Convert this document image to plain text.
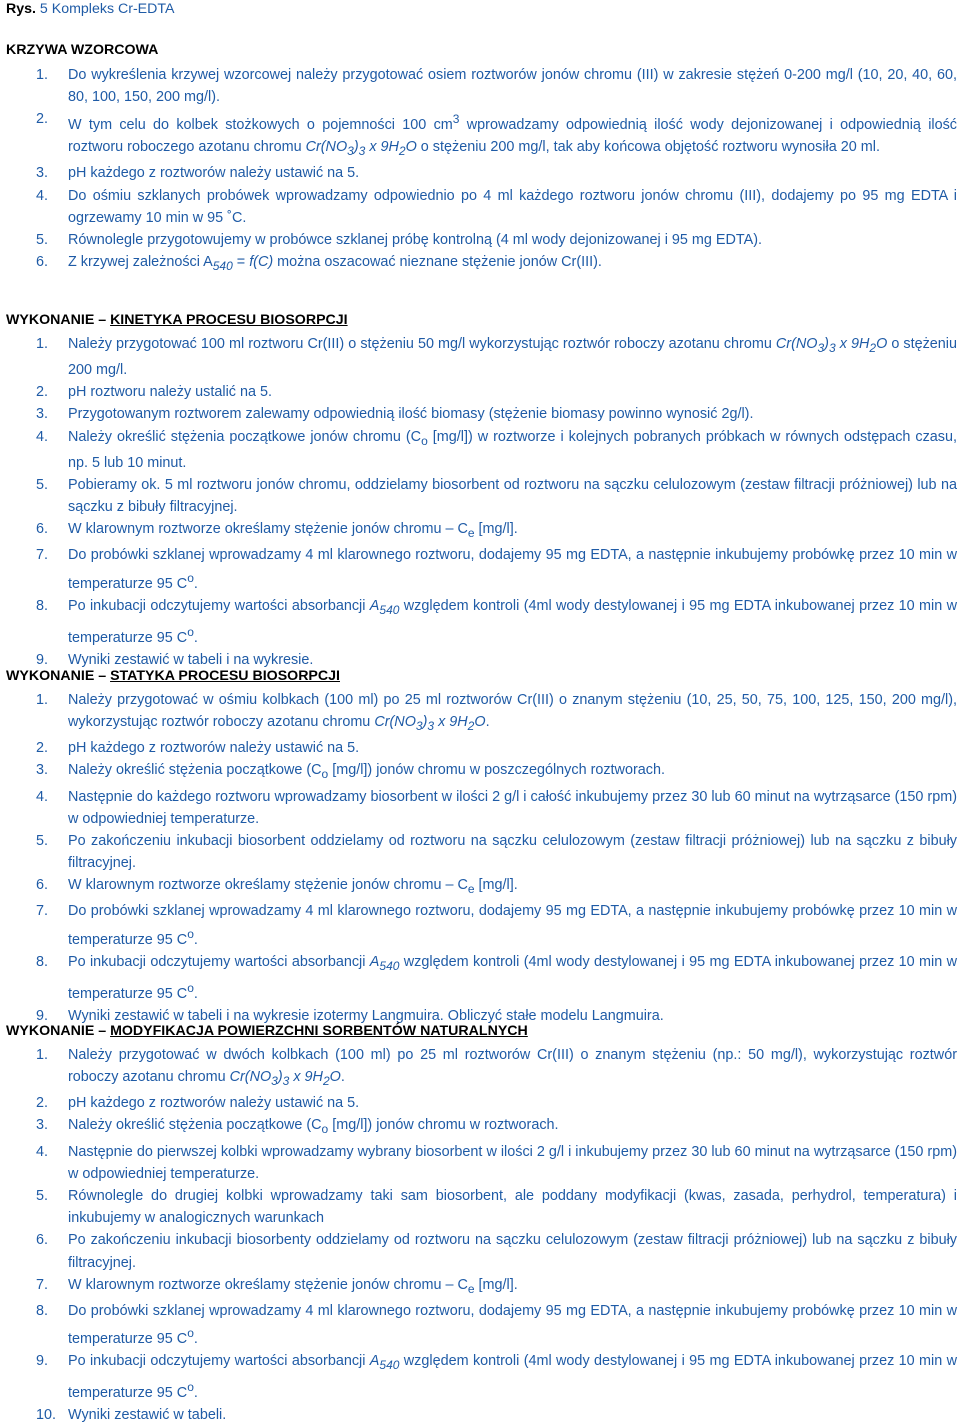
Rys. 5 Kompleks Cr-EDTA
KRZYWA WZORCOWA
1. Do wykreślenia krzywej wzorcowej należy przygotować osiem roztworów jonów chromu (III) w zakresie stężeń 0-200 mg/l (10, 20, 40, 60, 80, 100, 150, 200 mg/l).
2. W tym celu do kolbek stożkowych o pojemności 100 $cm^3$ wprowadzamy odpowiednią ilość wody dejonizowanej i odpowiednią ilość roztworu roboczego azotanu chromu $Cr(NO_3)_3$ x $9H_2O$ o stężeniu 200 mg/l, tak aby końcowa objętość roztworu wynosiła 20 ml.
3. pH każdego z roztworów należy ustawić na 5.
4. Do ośmiu szklanych probówek wprowadzamy odpowiednio po 4 ml każdego roztworu jonów chromu (III), dodajemy po 95 mg EDTA i ogrzewamy 10 min w 95 ˚C.
5. Równolegle przygotowujemy w probówce szklanej próbę kontrolną (4 ml wody dejonizowanej i 95 mg EDTA).
6. Z krzywej zależności $A_{540} = f(C)$ można oszacować nieznane stężenie jonów Cr(III).
WYKONANIE – KINETYKA PROCESU BIOSORPCJI
1. Należy przygotować 100 ml roztworu Cr(III) o stężeniu 50 mg/l wykorzystując roztwór roboczy azotanu chromu $Cr(NO_3)_3$ x $9H_2O$ o stężeniu 200 mg/l.
2. pH roztworu należy ustalić na 5.
3. Przygotowanym roztworem zalewamy odpowiednią ilość biomasy (stężenie biomasy powinno wynosić 2g/l).
4. Należy określić stężenia początkowe jonów chromu ($C_o$ [mg/l]) w roztworze i kolejnych pobranych próbkach w równych odstępach czasu, np. 5 lub 10 minut.
5. Pobieramy ok. 5 ml roztworu jonów chromu, oddzielamy biosorbent od roztworu na sączku celulozowym (zestaw filtracji próżniowej) lub na sączku z bibuły filtracyjnej.
6. W klarownym roztworze określamy stężenie jonów chromu – $C_e$ [mg/l].
7. Do probówki szklanej wprowadzamy 4 ml klarownego roztworu, dodajemy 95 mg EDTA, a następnie inkubujemy probówkę przez 10 min w temperaturze 95 $C^o$.
8. Po inkubacji odczytujemy wartości absorbancji $A_{540}$ względem kontroli (4ml wody destylowanej i 95 mg EDTA inkubowanej przez 10 min w temperaturze 95 $C^o$.
9. Wyniki zestawić w tabeli i na wykresie.
WYKONANIE – STATYKA PROCESU BIOSORPCJI
1. Należy przygotować w ośmiu kolbkach (100 ml) po 25 ml roztworów Cr(III) o znanym stężeniu (10, 25, 50, 75, 100, 125, 150, 200 mg/l), wykorzystując roztwór roboczy azotanu chromu $Cr(NO_3)_3$ x $9H_2O$.
2. pH każdego z roztworów należy ustawić na 5.
3. Należy określić stężenia początkowe ($C_o$ [mg/l]) jonów chromu w poszczególnych roztworach.
4. Następnie do każdego roztworu wprowadzamy biosorbent w ilości 2 g/l i całość inkubujemy przez 30 lub 60 minut na wytrząsarce (150 rpm) w odpowiedniej temperaturze.
5. Po zakończeniu inkubacji biosorbent oddzielamy od roztworu na sączku celulozowym (zestaw filtracji próżniowej) lub na sączku z bibuły filtracyjnej.
6. W klarownym roztworze określamy stężenie jonów chromu – $C_e$ [mg/l].
7. Do probówki szklanej wprowadzamy 4 ml klarownego roztworu, dodajemy 95 mg EDTA, a następnie inkubujemy probówkę przez 10 min w temperaturze 95 $C^o$.
8. Po inkubacji odczytujemy wartości absorbancji $A_{540}$ względem kontroli (4ml wody destylowanej i 95 mg EDTA inkubowanej przez 10 min w temperaturze 95 $C^o$.
9. Wyniki zestawić w tabeli i na wykresie izotermy Langmuira. Obliczyć stałe modelu Langmuira.
WYKONANIE – MODYFIKACJA POWIERZCHNI SORBENTÓW NATURALNYCH
1. Należy przygotować w dwóch kolbkach (100 ml) po 25 ml roztworów Cr(III) o znanym stężeniu (np.: 50 mg/l), wykorzystując roztwór roboczy azotanu chromu $Cr(NO_3)_3$ x $9H_2O$.
2. pH każdego z roztworów należy ustawić na 5.
3. Należy określić stężenia początkowe ($C_o$ [mg/l]) jonów chromu w roztworach.
4. Następnie do pierwszej kolbki wprowadzamy wybrany biosorbent w ilości 2 g/l i inkubujemy przez 30 lub 60 minut na wytrząsarce (150 rpm) w odpowiedniej temperaturze.
5. Równolegle do drugiej kolbki wprowadzamy taki sam biosorbent, ale poddany modyfikacji (kwas, zasada, perhydrol, temperatura) i inkubujemy w analogicznych warunkach
6. Po zakończeniu inkubacji biosorbenty oddzielamy od roztworu na sączku celulozowym (zestaw filtracji próżniowej) lub na sączku z bibuły filtracyjnej.
7. W klarownym roztworze określamy stężenie jonów chromu – $C_e$ [mg/l].
8. Do probówki szklanej wprowadzamy 4 ml klarownego roztworu, dodajemy 95 mg EDTA, a następnie inkubujemy probówkę przez 10 min w temperaturze 95 $C^o$.
9. Po inkubacji odczytujemy wartości absorbancji $A_{540}$ względem kontroli (4ml wody destylowanej i 95 mg EDTA inkubowanej przez 10 min w temperaturze 95 $C^o$.
10. Wyniki zestawić w tabeli.
